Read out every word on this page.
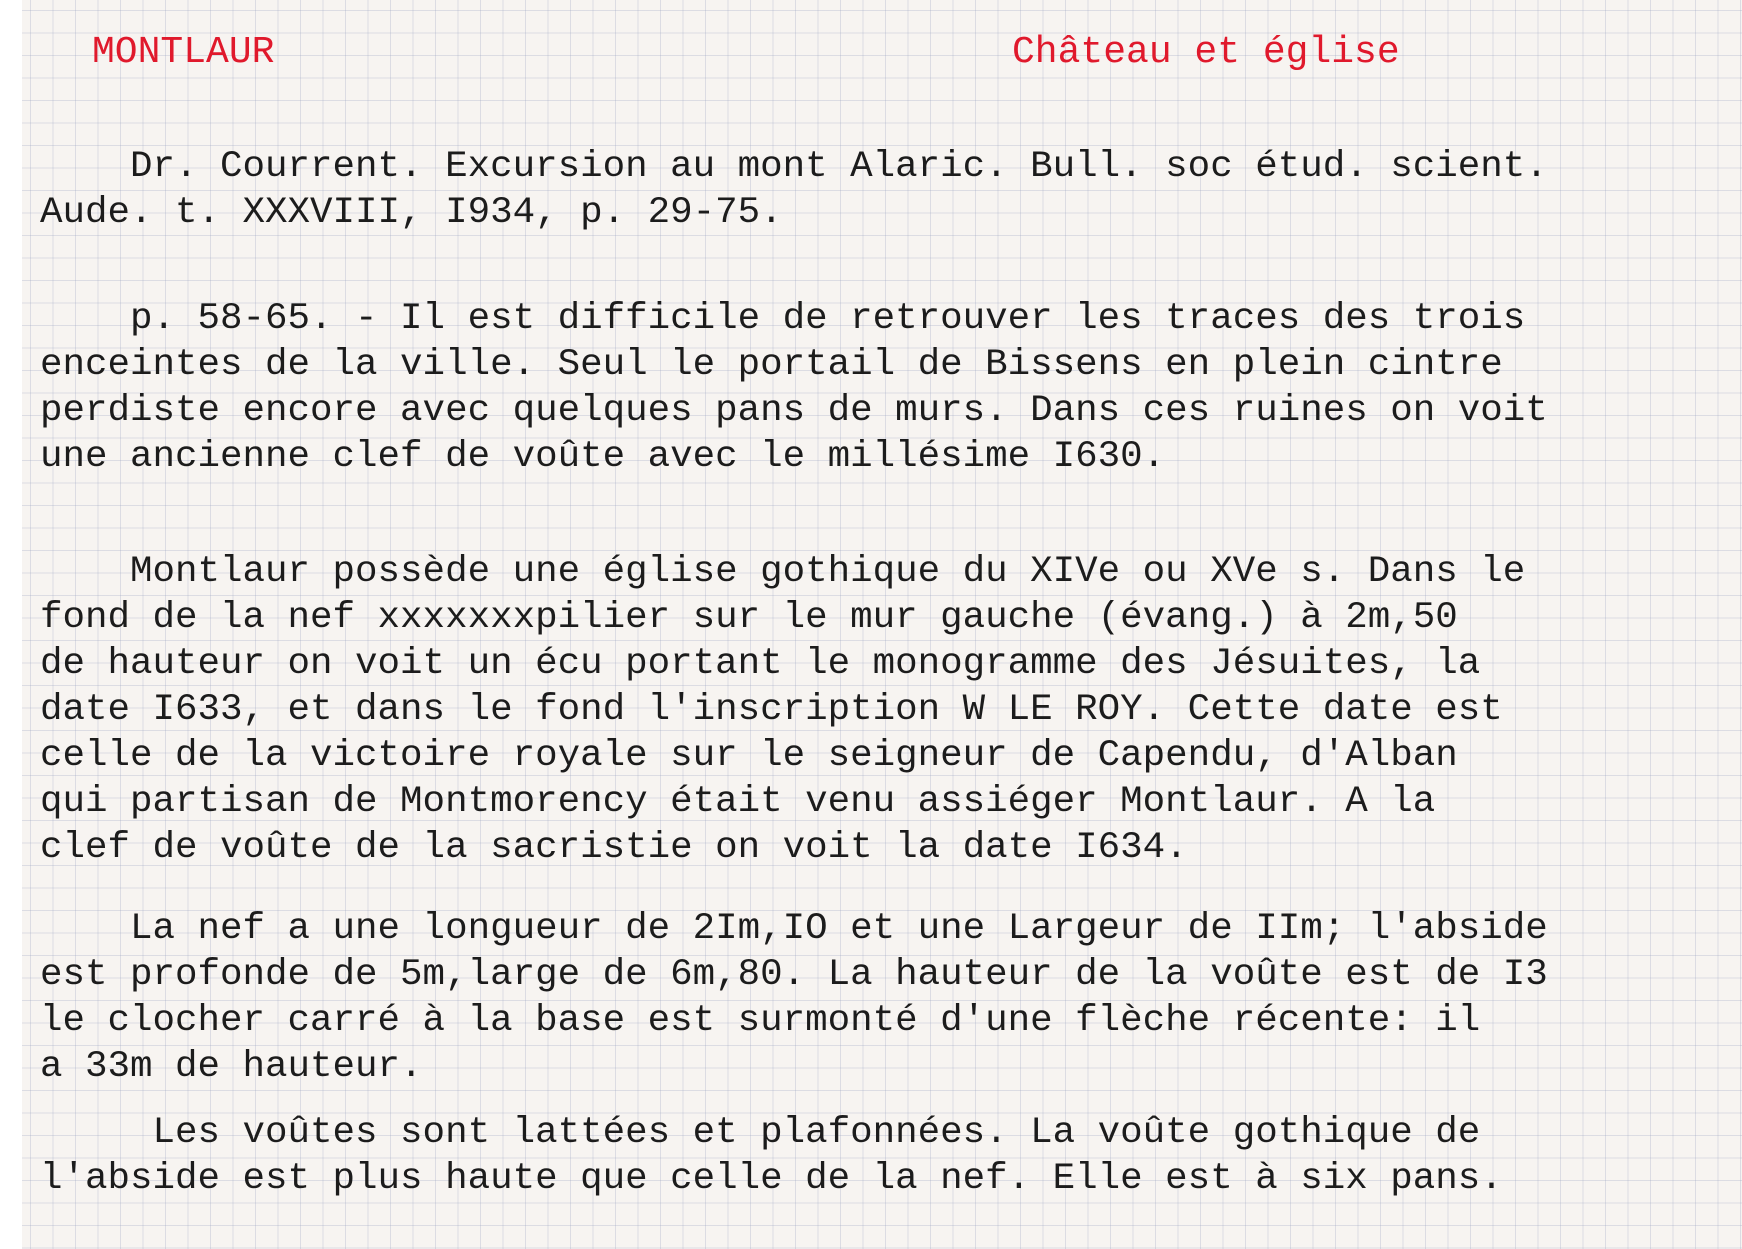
MONTLAUR	Château et église

Dr. Courrent. Excursion au mont Alaric. Bull. soc étud. scient.
Aude. t. XXXVIII, I934, p. 29-75.

p. 58-65. - Il est difficile de retrouver les traces des trois
enceintes de la ville. Seul le portail de Bissens en plein cintre
perdiste encore avec quelques pans de murs. Dans ces ruines on voit
une ancienne clef de voûte avec le millésime I630.

Montlaur possède une église gothique du XIVe ou XVe s. Dans le
fond de la nef xxxxxxxpilier sur le mur gauche (évang.) à 2m,50
de hauteur on voit un écu portant le monogramme des Jésuites, la
date I633, et dans le fond l'inscription W LE ROY. Cette date est
celle de la victoire royale sur le seigneur de Capendu, d'Alban
qui partisan de Montmorency était venu assiéger Montlaur. A la
clef de voûte de la sacristie on voit la date I634.

La nef a une longueur de 2Im,IO et une Largeur de IIm; l'abside
est profonde de 5m,large de 6m,80. La hauteur de la voûte est de I3
le clocher carré à la base est surmonté d'une flèche récente: il
a 33m de hauteur.

Les voûtes sont lattées et plafonnées. La voûte gothique de
l'abside est plus haute que celle de la nef. Elle est à six pans.
